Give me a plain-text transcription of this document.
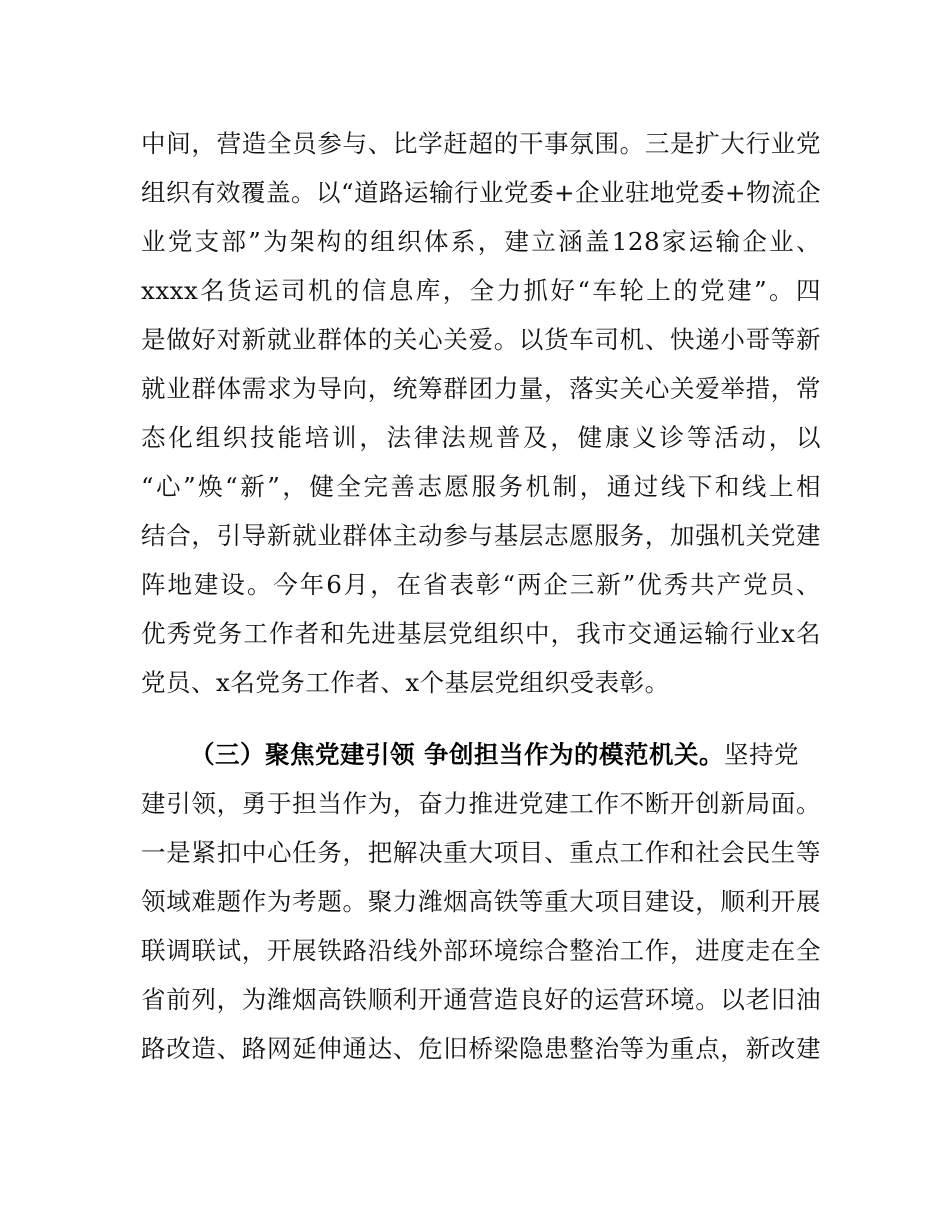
中间，营造全员参与、比学赶超的干事氛围。三是扩大行业党
组织有效覆盖。以“道路运输行业党委+企业驻地党委+物流企
业党支部”为架构的组织体系，建立涵盖128家运输企业、
xxxx名货运司机的信息库，全力抓好“车轮上的党建”。四
是做好对新就业群体的关心关爱。以货车司机、快递小哥等新
就业群体需求为导向，统筹群团力量，落实关心关爱举措，常
态化组织技能培训，法律法规普及，健康义诊等活动，以
“心”焕“新”，健全完善志愿服务机制，通过线下和线上相
结合，引导新就业群体主动参与基层志愿服务，加强机关党建
阵地建设。今年6月，在省表彰“两企三新”优秀共产党员、
优秀党务工作者和先进基层党组织中，我市交通运输行业x名
党员、x名党务工作者、x个基层党组织受表彰。
（三）聚焦党建引领 争创担当作为的模范机关。坚持党
建引领，勇于担当作为，奋力推进党建工作不断开创新局面。
一是紧扣中心任务，把解决重大项目、重点工作和社会民生等
领域难题作为考题。聚力潍烟高铁等重大项目建设，顺利开展
联调联试，开展铁路沿线外部环境综合整治工作，进度走在全
省前列，为潍烟高铁顺利开通营造良好的运营环境。以老旧油
路改造、路网延伸通达、危旧桥梁隐患整治等为重点，新改建
